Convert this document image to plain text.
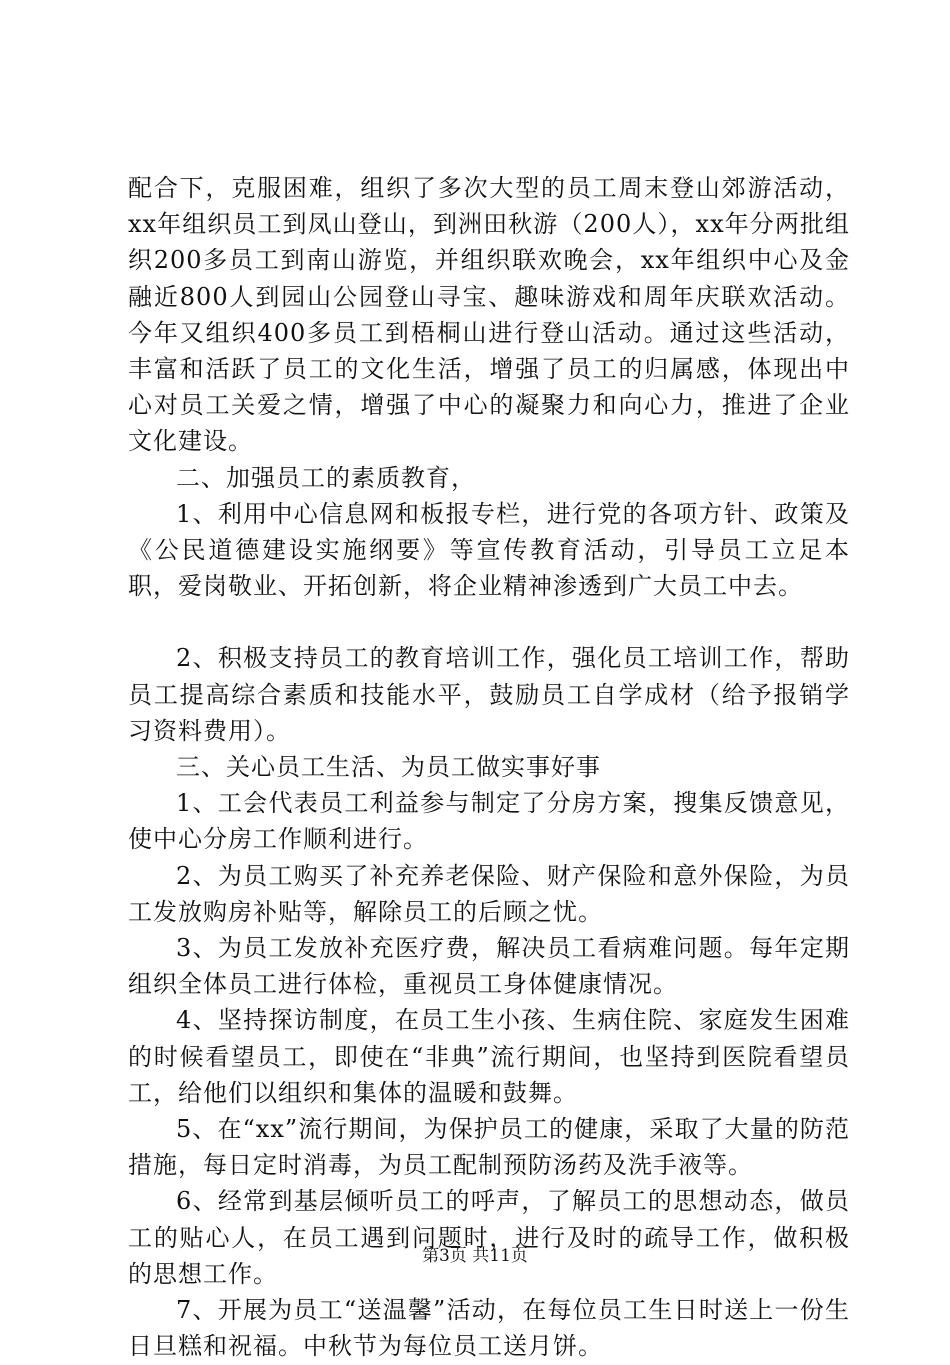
配合下，克服困难，组织了多次大型的员工周末登山郊游活动，xx年组织员工到凤山登山，到洲田秋游（200人），xx年分两批组织200多员工到南山游览，并组织联欢晚会，xx年组织中心及金融近800人到园山公园登山寻宝、趣味游戏和周年庆联欢活动。今年又组织400多员工到梧桐山进行登山活动。通过这些活动，丰富和活跃了员工的文化生活，增强了员工的归属感，体现出中心对员工关爱之情，增强了中心的凝聚力和向心力，推进了企业文化建设。

二、加强员工的素质教育，

1、利用中心信息网和板报专栏，进行党的各项方针、政策及《公民道德建设实施纲要》等宣传教育活动，引导员工立足本职，爱岗敬业、开拓创新，将企业精神渗透到广大员工中去。

2、积极支持员工的教育培训工作，强化员工培训工作，帮助员工提高综合素质和技能水平，鼓励员工自学成材（给予报销学习资料费用）。

三、关心员工生活、为员工做实事好事

1、工会代表员工利益参与制定了分房方案，搜集反馈意见，使中心分房工作顺利进行。

2、为员工购买了补充养老保险、财产保险和意外保险，为员工发放购房补贴等，解除员工的后顾之忧。

3、为员工发放补充医疗费，解决员工看病难问题。每年定期组织全体员工进行体检，重视员工身体健康情况。

4、坚持探访制度，在员工生小孩、生病住院、家庭发生困难的时候看望员工，即使在“非典”流行期间，也坚持到医院看望员工，给他们以组织和集体的温暖和鼓舞。

5、在“xx”流行期间，为保护员工的健康，采取了大量的防范措施，每日定时消毒，为员工配制预防汤药及洗手液等。

6、经常到基层倾听员工的呼声，了解员工的思想动态，做员工的贴心人，在员工遇到问题时，进行及时的疏导工作，做积极的思想工作。

7、开展为员工“送温馨”活动，在每位员工生日时送上一份生日旦糕和祝福。中秋节为每位员工送月饼。

第3页 共11页
